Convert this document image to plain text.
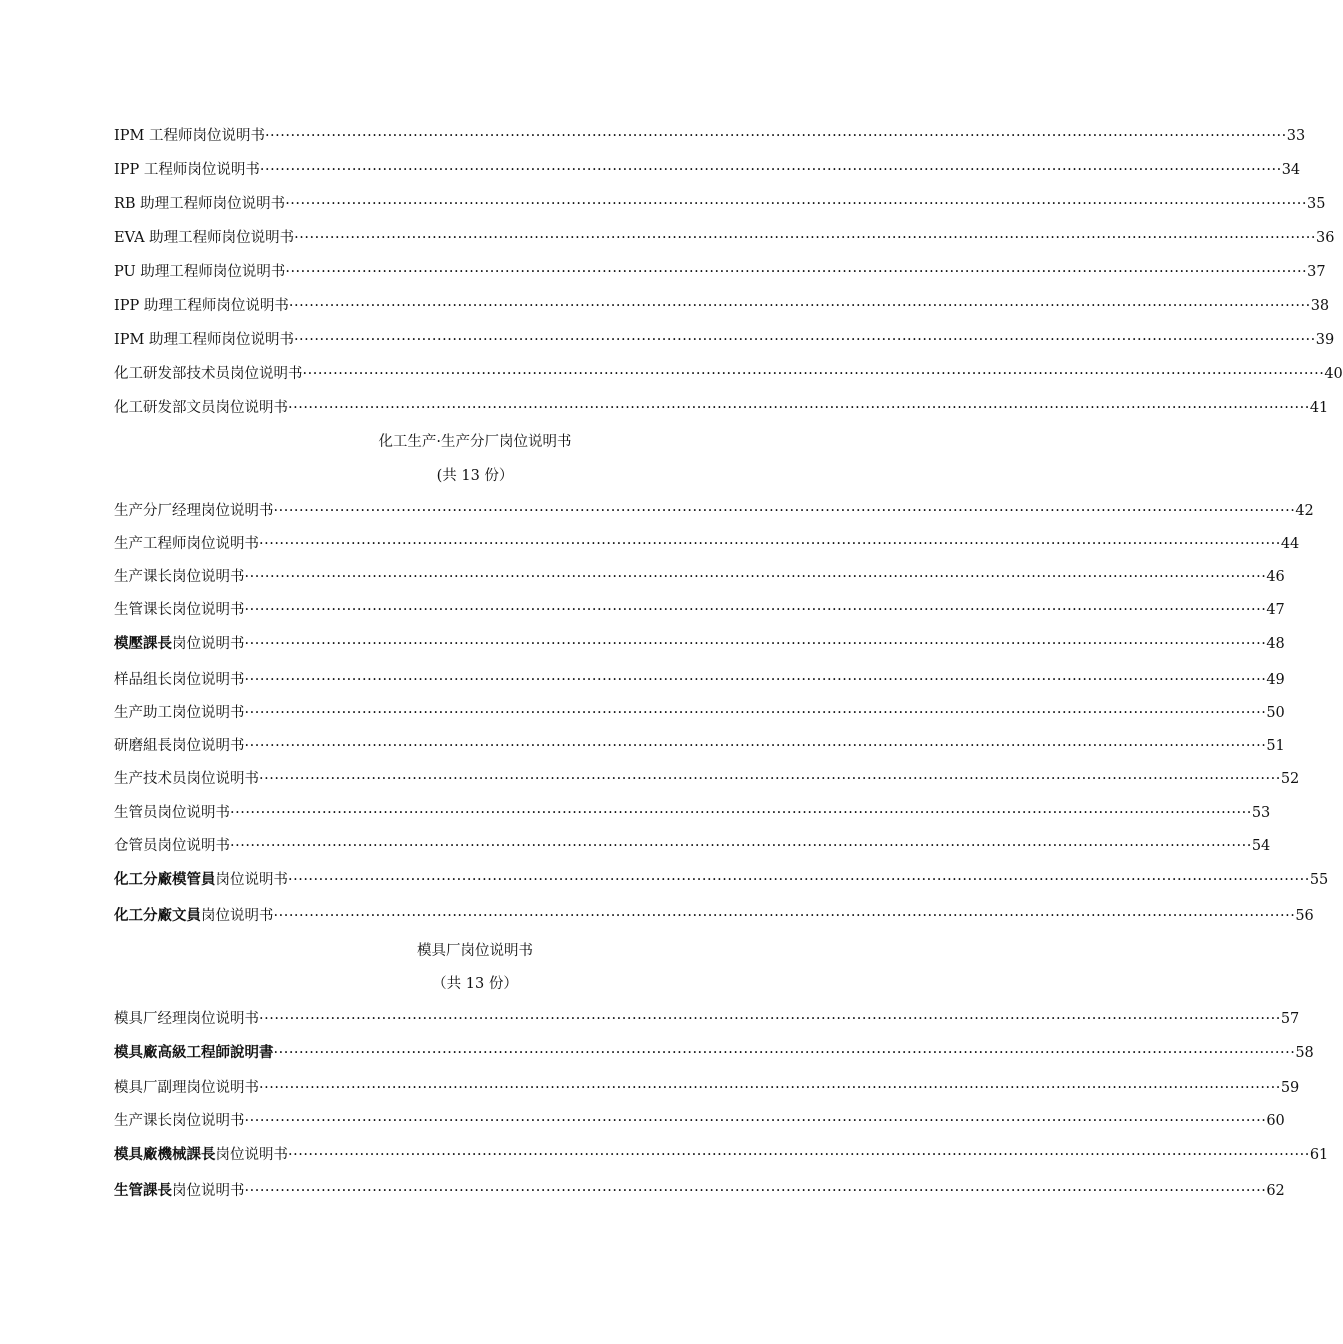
IPM 工程师岗位说明书 ········································································································································································································ 33
IPP 工程师岗位说明书 ········································································································································································································ 34
RB 助理工程师岗位说明书 ········································································································································································································ 35
EVA 助理工程师岗位说明书 ········································································································································································································ 36
PU 助理工程师岗位说明书 ········································································································································································································ 37
IPP 助理工程师岗位说明书 ········································································································································································································ 38
IPM 助理工程师岗位说明书 ········································································································································································································ 39
化工研发部技术员岗位说明书 ········································································································································································································ 40
化工研发部文员岗位说明书 ········································································································································································································ 41
化工生产·生产分厂岗位说明书
(共 13 份）
生产分厂经理岗位说明书 ········································································································································································································ 42
生产工程师岗位说明书 ········································································································································································································ 44
生产课长岗位说明书 ········································································································································································································ 46
生管课长岗位说明书 ········································································································································································································ 47
模壓課長 岗位说明书 ········································································································································································································ 48
样品组长岗位说明书 ········································································································································································································ 49
生产助工岗位说明书 ········································································································································································································ 50
研磨組長岗位说明书 ········································································································································································································ 51
生产技术员岗位说明书 ········································································································································································································ 52
生管员岗位说明书 ········································································································································································································ 53
仓管员岗位说明书 ········································································································································································································ 54
化工分廠模管員 岗位说明书 ········································································································································································································ 55
化工分廠文員 岗位说明书 ········································································································································································································ 56
模具厂岗位说明书
（共 13 份）
模具厂经理岗位说明书 ········································································································································································································ 57
模具廠高級工程師說明書 ········································································································································································································ 58
模具厂副理岗位说明书 ········································································································································································································ 59
生产课长岗位说明书 ········································································································································································································ 60
模具廠機械課長 岗位说明书 ········································································································································································································ 61
生管課長 岗位说明书 ········································································································································································································ 62
